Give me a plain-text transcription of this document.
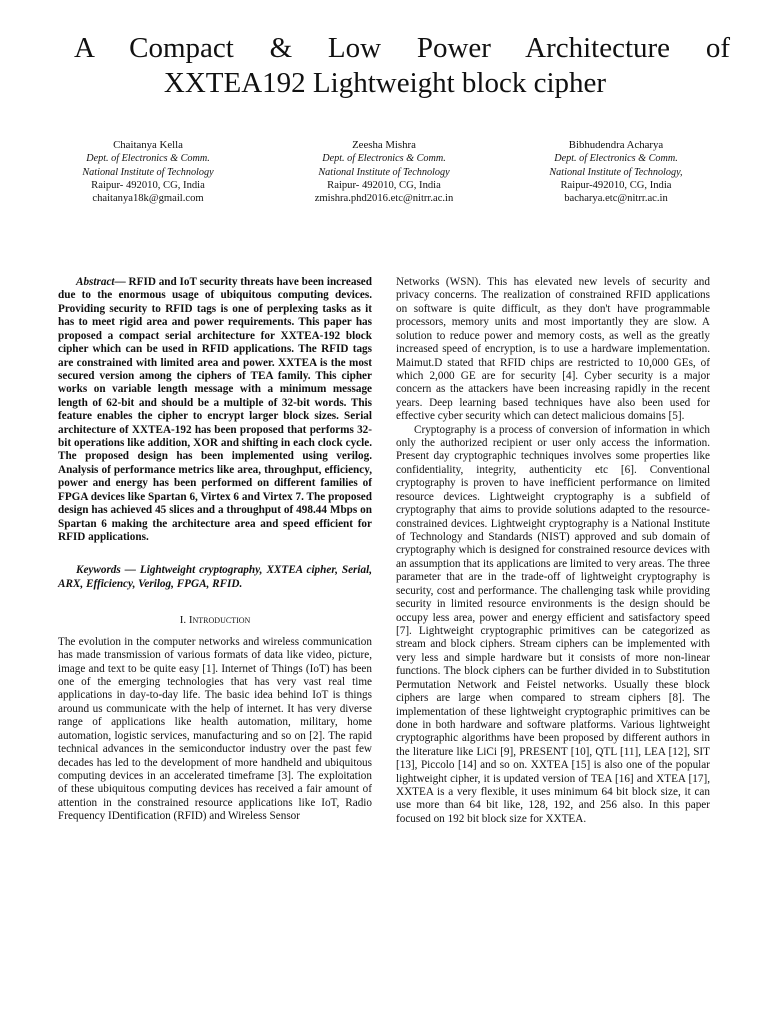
A Compact & Low Power Architecture of
XXTEA192 Lightweight block cipher
Chaitanya Kella
Dept. of Electronics & Comm.
National Institute of Technology
Raipur- 492010, CG, India
chaitanya18k@gmail.com
Zeesha Mishra
Dept. of Electronics & Comm.
National Institute of Technology
Raipur- 492010, CG, India
zmishra.phd2016.etc@nitrr.ac.in
Bibhudendra Acharya
Dept. of Electronics & Comm.
National Institute of Technology,
Raipur-492010, CG, India
bacharya.etc@nitrr.ac.in

Abstract— RFID and IoT security threats have been increased due to the enormous usage of ubiquitous computing devices. Providing security to RFID tags is one of perplexing tasks as it has to meet rigid area and power requirements. This paper has proposed a compact serial architecture for XXTEA-192 block cipher which can be used in RFID applications. The RFID tags are constrained with limited area and power. XXTEA is the most secured version among the ciphers of TEA family. This cipher works on variable length message with a minimum message length of 62-bit and should be a multiple of 32-bit words. This feature enables the cipher to encrypt larger block sizes. Serial architecture of XXTEA-192 has been proposed that performs 32-bit operations like addition, XOR and shifting in each clock cycle. The proposed design has been implemented using verilog. Analysis of performance metrics like area, throughput, efficiency, power and energy has been performed on different families of FPGA devices like Spartan 6, Virtex 6 and Virtex 7. The proposed design has achieved 45 slices and a throughput of 498.44 Mbps on Spartan 6 making the architecture area and speed efficient for RFID applications.

Keywords — Lightweight cryptography, XXTEA cipher, Serial, ARX, Efficiency, Verilog, FPGA, RFID.

I. Introduction

The evolution in the computer networks and wireless communication has made transmission of various formats of data like video, picture, image and text to be quite easy [1]. Internet of Things (IoT) has been one of the emerging technologies that has very vast real time applications in day-to-day life. The basic idea behind IoT is things around us communicate with the help of internet. It has very diverse range of applications like health automation, military, home automation, logistic services, manufacturing and so on [2]. The rapid technical advances in the semiconductor industry over the past few decades has led to the development of more handheld and ubiquitous computing devices in an accelerated timeframe [3]. The exploitation of these ubiquitous computing devices has received a fair amount of attention in the constrained resource applications like IoT, Radio Frequency IDentification (RFID) and Wireless Sensor

Networks (WSN). This has elevated new levels of security and privacy concerns. The realization of constrained RFID applications on software is quite difficult, as they don't have programmable processors, memory units and most importantly they are slow. A solution to reduce power and memory costs, as well as the greatly increased speed of encryption, is to use a hardware implementation. Maimut.D stated that RFID chips are restricted to 10,000 GEs, of which 2,000 GE are for security [4]. Cyber security is a major concern as the attackers have been increasing rapidly in the recent years. Deep learning based techniques have also been used for effective cyber security which can detect malicious domains [5].

Cryptography is a process of conversion of information in which only the authorized recipient or user only access the information. Present day cryptographic techniques involves some properties like confidentiality, integrity, authenticity etc [6]. Conventional cryptography is proven to have inefficient performance on limited resource devices. Lightweight cryptography is a subfield of cryptography that aims to provide solutions adapted to the resource-constrained devices. Lightweight cryptography is a National Institute of Technology and Standards (NIST) approved and sub domain of cryptography which is designed for constrained resource devices with an assumption that its applications are limited to very areas. The three parameter that are in the trade-off of lightweight cryptography is security, cost and performance. The challenging task while providing security in limited resource environments is the design should be occupy less area, power and energy efficient and satisfactory speed [7]. Lightweight cryptographic primitives can be categorized as stream and block ciphers. Stream ciphers can be implemented with very less and simple hardware but it consists of more non-linear functions. The block ciphers can be further divided in to Substitution Permutation Network and Feistel networks. Usually these block ciphers are large when compared to stream ciphers [8]. The implementation of these lightweight cryptographic primitives can be done in both hardware and software platforms. Various lightweight cryptographic algorithms have been proposed by different authors in the literature like LiCi [9], PRESENT [10], QTL [11], LEA [12], SIT [13], Piccolo [14] and so on. XXTEA [15] is also one of the popular lightweight cipher, it is updated version of TEA [16] and XTEA [17], XXTEA is a very flexible, it uses minimum 64 bit block size, it can use more than 64 bit like, 128, 192, and 256 also. In this paper focused on 192 bit block size for XXTEA.
